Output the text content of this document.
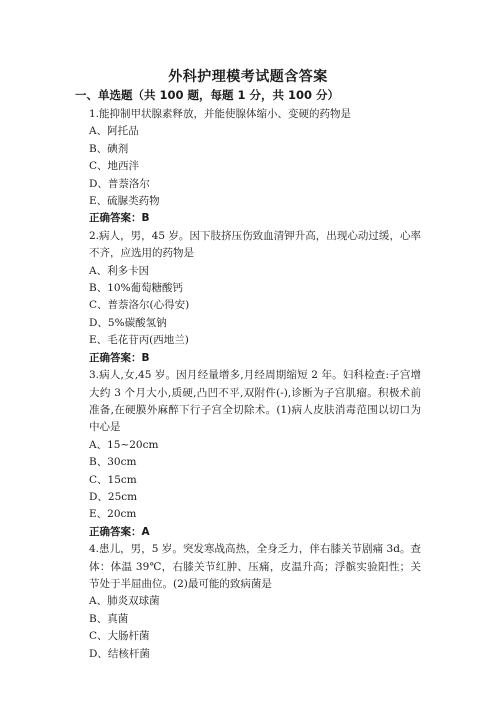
外科护理模考试题含答案
一、单选题（共 100 题，每题 1 分，共 100 分）
1.能抑制甲状腺素释放，并能使腺体缩小、变硬的药物是
A、阿托品
B、碘剂
C、地西泮
D、普萘洛尔
E、硫脲类药物
正确答案：B
2.病人，男，45 岁。因下肢挤压伤致血清钾升高，出现心动过缓，心率不齐，应选用的药物是
A、利多卡因
B、10%葡萄糖酸钙
C、普萘洛尔(心得安)
D、5%碳酸氢钠
E、毛花苷丙(西地兰)
正确答案：B
3.病人,女,45 岁。因月经量增多,月经周期缩短 2 年。妇科检查:子宫增大约 3 个月大小,质硬,凸凹不平,双附件(-),诊断为子宫肌瘤。积极术前准备,在硬膜外麻醉下行子宫全切除术。(1)病人皮肤消毒范围以切口为中心是
A、15~20cm
B、30cm
C、15cm
D、25cm
E、20cm
正确答案：A
4.患儿，男，5 岁。突发寒战高热，全身乏力，伴右膝关节剧痛 3d。查体：体温 39℃，右膝关节红肿、压痛，皮温升高；浮髌实验阳性；关节处于半屈曲位。(2)最可能的致病菌是
A、肺炎双球菌
B、真菌
C、大肠杆菌
D、结核杆菌
